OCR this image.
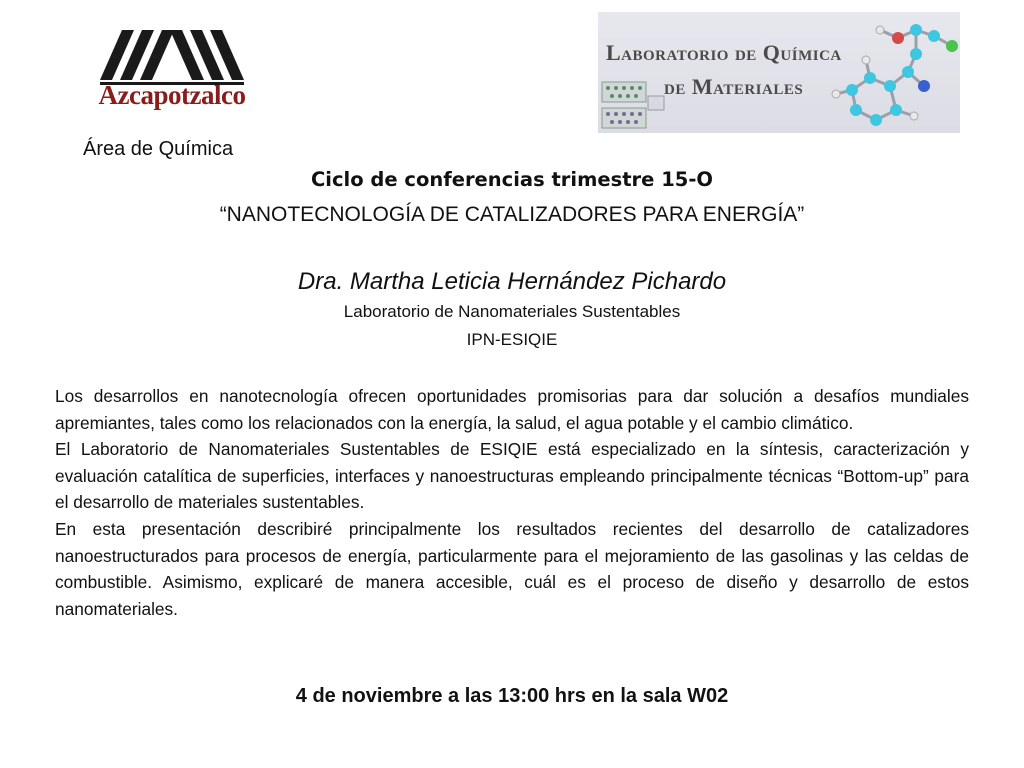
Azcapotzalco
Laboratorio de Química
de Materiales
Área de Química
Ciclo de conferencias trimestre 15-O
“NANOTECNOLOGÍA DE CATALIZADORES PARA ENERGÍA”
Dra. Martha Leticia Hernández Pichardo
Laboratorio de Nanomateriales Sustentables
IPN-ESIQIE

Los desarrollos en nanotecnología ofrecen oportunidades promisorias para dar solución a desafíos mundiales apremiantes, tales como los relacionados con la energía, la salud, el agua potable y el cambio climático.

El Laboratorio de Nanomateriales Sustentables de ESIQIE está especializado en la síntesis, caracterización y evaluación catalítica de superficies, interfaces y nanoestructuras empleando principalmente técnicas “Bottom-up” para el desarrollo de materiales sustentables.

En esta presentación describiré principalmente los resultados recientes del desarrollo de catalizadores nanoestructurados para procesos de energía, particularmente para el mejoramiento de las gasolinas y las celdas de combustible. Asimismo, explicaré de manera accesible, cuál es el proceso de diseño y desarrollo de estos nanomateriales.

4 de noviembre a las 13:00 hrs en la sala W02
